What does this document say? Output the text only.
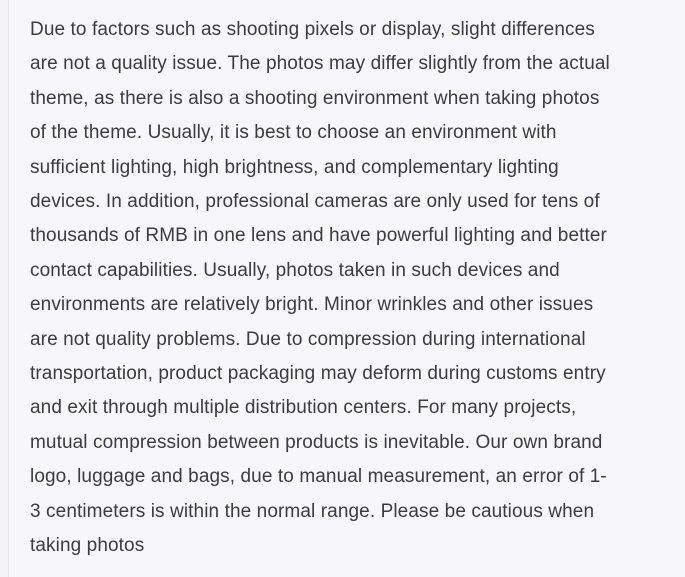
Due to factors such as shooting pixels or display, slight differences
are not a quality issue. The photos may differ slightly from the actual
theme, as there is also a shooting environment when taking photos
of the theme. Usually, it is best to choose an environment with
sufficient lighting, high brightness, and complementary lighting
devices. In addition, professional cameras are only used for tens of
thousands of RMB in one lens and have powerful lighting and better
contact capabilities. Usually, photos taken in such devices and
environments are relatively bright. Minor wrinkles and other issues
are not quality problems. Due to compression during international
transportation, product packaging may deform during customs entry
and exit through multiple distribution centers. For many projects,
mutual compression between products is inevitable. Our own brand
logo, luggage and bags, due to manual measurement, an error of 1-
3 centimeters is within the normal range. Please be cautious when
taking photos
